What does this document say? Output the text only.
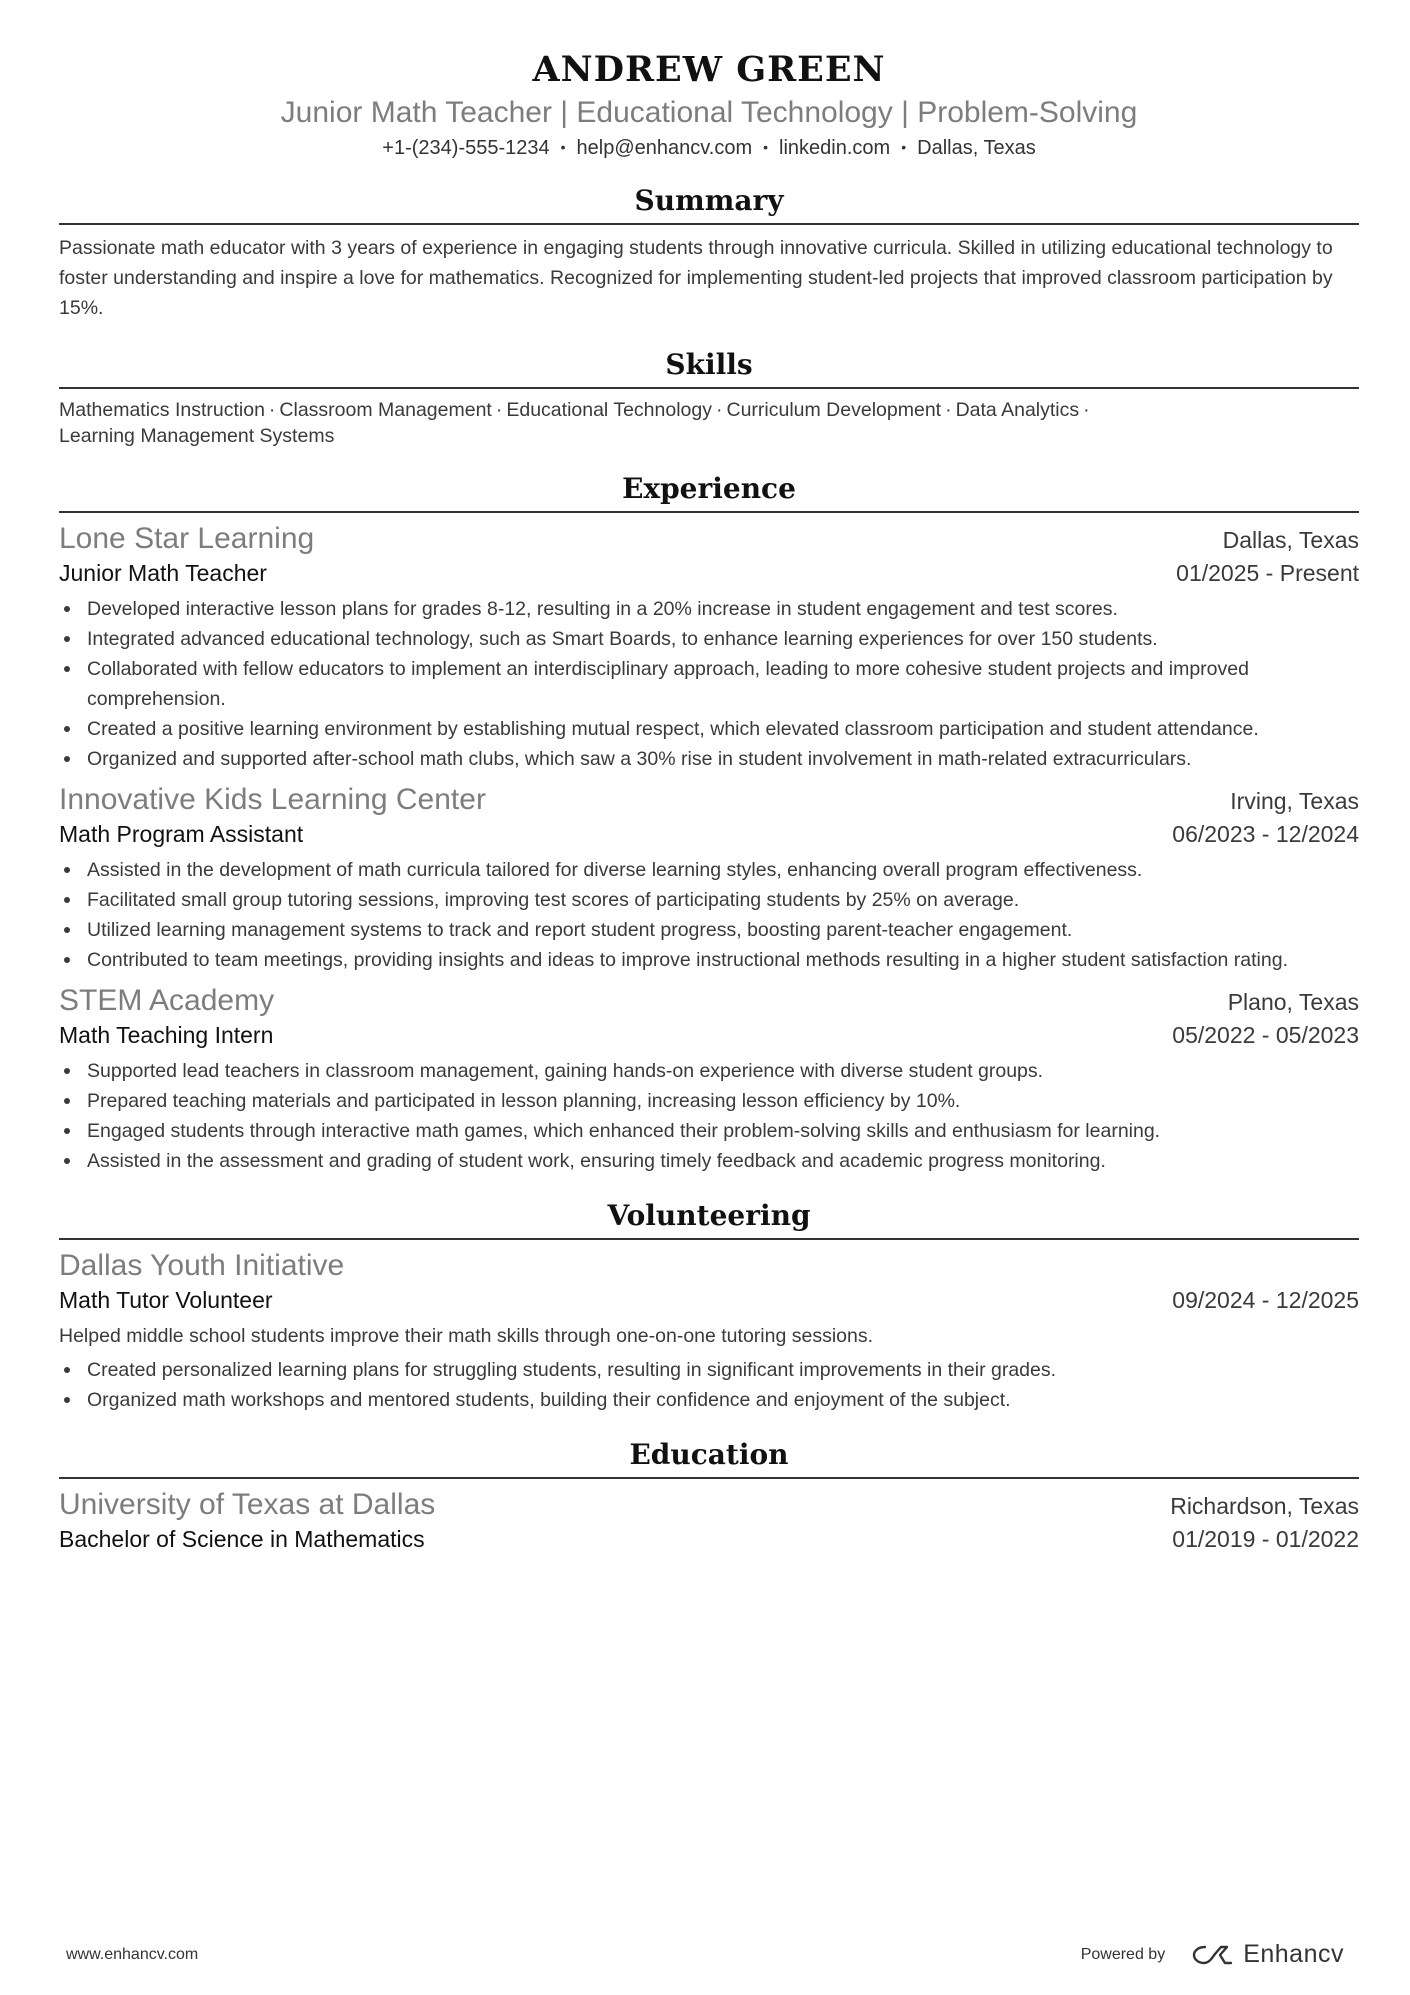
ANDREW GREEN
Junior Math Teacher | Educational Technology | Problem-Solving
+1-(234)-555-1234 • help@enhancv.com • linkedin.com • Dallas, Texas
Summary
Passionate math educator with 3 years of experience in engaging students through innovative curricula. Skilled in utilizing educational technology to foster understanding and inspire a love for mathematics. Recognized for implementing student-led projects that improved classroom participation by 15%.
Skills
Mathematics Instruction · Classroom Management · Educational Technology · Curriculum Development · Data Analytics ·
Learning Management Systems
Experience
Lone Star Learning	Dallas, Texas
Junior Math Teacher	01/2025 - Present
Developed interactive lesson plans for grades 8-12, resulting in a 20% increase in student engagement and test scores.
Integrated advanced educational technology, such as Smart Boards, to enhance learning experiences for over 150 students.
Collaborated with fellow educators to implement an interdisciplinary approach, leading to more cohesive student projects and improved comprehension.
Created a positive learning environment by establishing mutual respect, which elevated classroom participation and student attendance.
Organized and supported after-school math clubs, which saw a 30% rise in student involvement in math-related extracurriculars.
Innovative Kids Learning Center	Irving, Texas
Math Program Assistant	06/2023 - 12/2024
Assisted in the development of math curricula tailored for diverse learning styles, enhancing overall program effectiveness.
Facilitated small group tutoring sessions, improving test scores of participating students by 25% on average.
Utilized learning management systems to track and report student progress, boosting parent-teacher engagement.
Contributed to team meetings, providing insights and ideas to improve instructional methods resulting in a higher student satisfaction rating.
STEM Academy	Plano, Texas
Math Teaching Intern	05/2022 - 05/2023
Supported lead teachers in classroom management, gaining hands-on experience with diverse student groups.
Prepared teaching materials and participated in lesson planning, increasing lesson efficiency by 10%.
Engaged students through interactive math games, which enhanced their problem-solving skills and enthusiasm for learning.
Assisted in the assessment and grading of student work, ensuring timely feedback and academic progress monitoring.
Volunteering
Dallas Youth Initiative
Math Tutor Volunteer	09/2024 - 12/2025
Helped middle school students improve their math skills through one-on-one tutoring sessions.
Created personalized learning plans for struggling students, resulting in significant improvements in their grades.
Organized math workshops and mentored students, building their confidence and enjoyment of the subject.
Education
University of Texas at Dallas	Richardson, Texas
Bachelor of Science in Mathematics	01/2019 - 01/2022
www.enhancv.com	Powered by	Enhancv
